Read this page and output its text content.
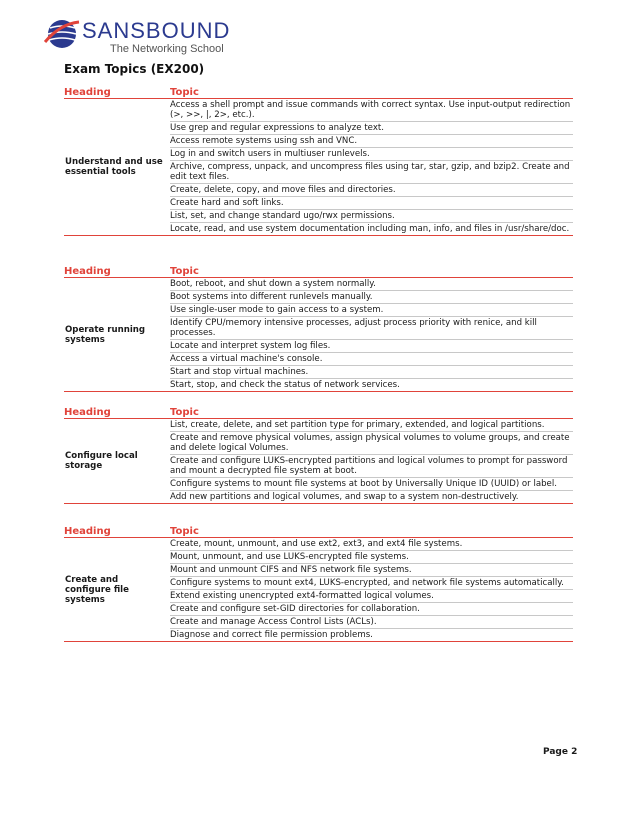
SANSBOUND
The Networking School
Exam Topics (EX200)
Heading	Topic
Understand and use essential tools	Access a shell prompt and issue commands with correct syntax. Use input-output redirection (>, >>, |, 2>, etc.).
	Use grep and regular expressions to analyze text.
	Access remote systems using ssh and VNC.
	Log in and switch users in multiuser runlevels.
	Archive, compress, unpack, and uncompress files using tar, star, gzip, and bzip2. Create and edit text files.
	Create, delete, copy, and move files and directories.
	Create hard and soft links.
	List, set, and change standard ugo/rwx permissions.
	Locate, read, and use system documentation including man, info, and files in /usr/share/doc.
Heading	Topic
Operate running systems	Boot, reboot, and shut down a system normally.
	Boot systems into different runlevels manually.
	Use single-user mode to gain access to a system.
	Identify CPU/memory intensive processes, adjust process priority with renice, and kill processes.
	Locate and interpret system log files.
	Access a virtual machine's console.
	Start and stop virtual machines.
	Start, stop, and check the status of network services.
Heading	Topic
Configure local storage	List, create, delete, and set partition type for primary, extended, and logical partitions.
	Create and remove physical volumes, assign physical volumes to volume groups, and create and delete logical Volumes.
	Create and configure LUKS-encrypted partitions and logical volumes to prompt for password and mount a decrypted file system at boot.
	Configure systems to mount file systems at boot by Universally Unique ID (UUID) or label.
	Add new partitions and logical volumes, and swap to a system non-destructively.
Heading	Topic
Create and configure file systems	Create, mount, unmount, and use ext2, ext3, and ext4 file systems.
	Mount, unmount, and use LUKS-encrypted file systems.
	Mount and unmount CIFS and NFS network file systems.
	Configure systems to mount ext4, LUKS-encrypted, and network file systems automatically.
	Extend existing unencrypted ext4-formatted logical volumes.
	Create and configure set-GID directories for collaboration.
	Create and manage Access Control Lists (ACLs).
	Diagnose and correct file permission problems.
Page 2
